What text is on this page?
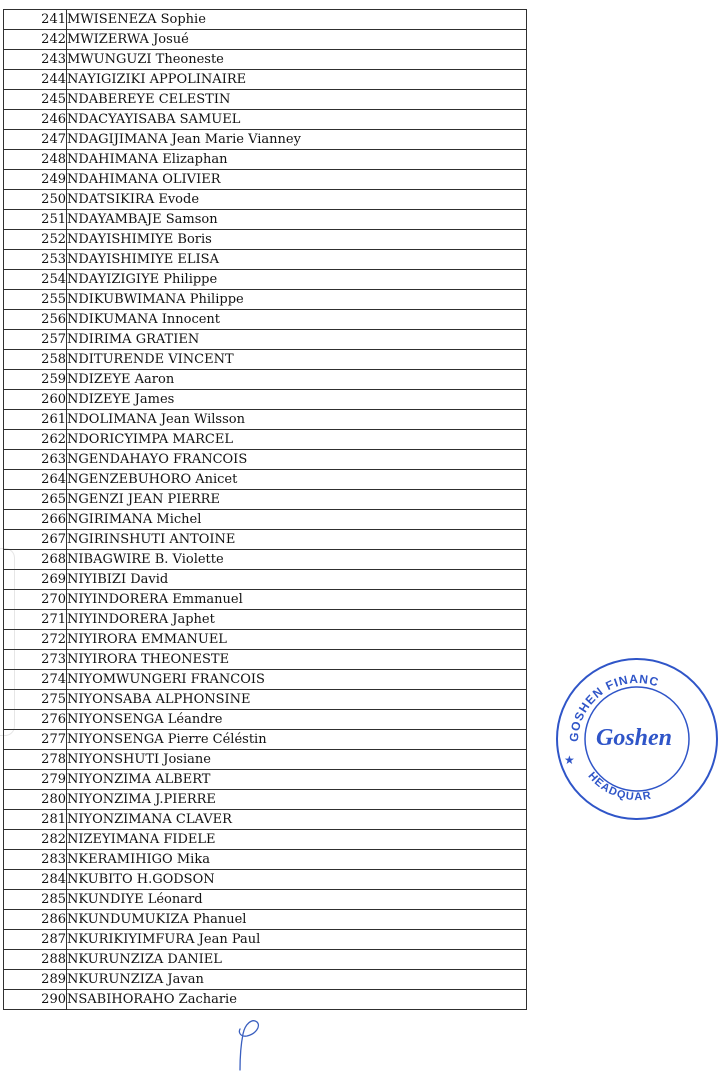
241	MWISENEZA Sophie
242	MWIZERWA Josué
243	MWUNGUZI Theoneste
244	NAYIGIZIKI APPOLINAIRE
245	NDABEREYE CELESTIN
246	NDACYAYISABA SAMUEL
247	NDAGIJIMANA Jean Marie Vianney
248	NDAHIMANA Elizaphan
249	NDAHIMANA OLIVIER
250	NDATSIKIRA Evode
251	NDAYAMBAJE Samson
252	NDAYISHIMIYE Boris
253	NDAYISHIMIYE ELISA
254	NDAYIZIGIYE Philippe
255	NDIKUBWIMANA Philippe
256	NDIKUMANA Innocent
257	NDIRIMA GRATIEN
258	NDITURENDE VINCENT
259	NDIZEYE Aaron
260	NDIZEYE James
261	NDOLIMANA Jean Wilsson
262	NDORICYIMPA MARCEL
263	NGENDAHAYO FRANCOIS
264	NGENZEBUHORO Anicet
265	NGENZI JEAN PIERRE
266	NGIRIMANA Michel
267	NGIRINSHUTI ANTOINE
268	NIBAGWIRE B. Violette
269	NIYIBIZI David
270	NIYINDORERA Emmanuel
271	NIYINDORERA Japhet
272	NIYIRORA EMMANUEL
273	NIYIRORA THEONESTE
274	NIYOMWUNGERI FRANCOIS
275	NIYONSABA ALPHONSINE
276	NIYONSENGA Léandre
277	NIYONSENGA Pierre Céléstin
278	NIYONSHUTI Josiane
279	NIYONZIMA ALBERT
280	NIYONZIMA J.PIERRE
281	NIYONZIMANA CLAVER
282	NIZEYIMANA FIDELE
283	NKERAMIHIGO Mika
284	NKUBITO H.GODSON
285	NKUNDIYE Léonard
286	NKUNDUMUKIZA Phanuel
287	NKURIKIYIMFURA Jean Paul
288	NKURUNZIZA DANIEL
289	NKURUNZIZA Javan
290	NSABIHORAHO Zacharie
GOSHEN FINANC
HEADQUAR
Goshen
★
